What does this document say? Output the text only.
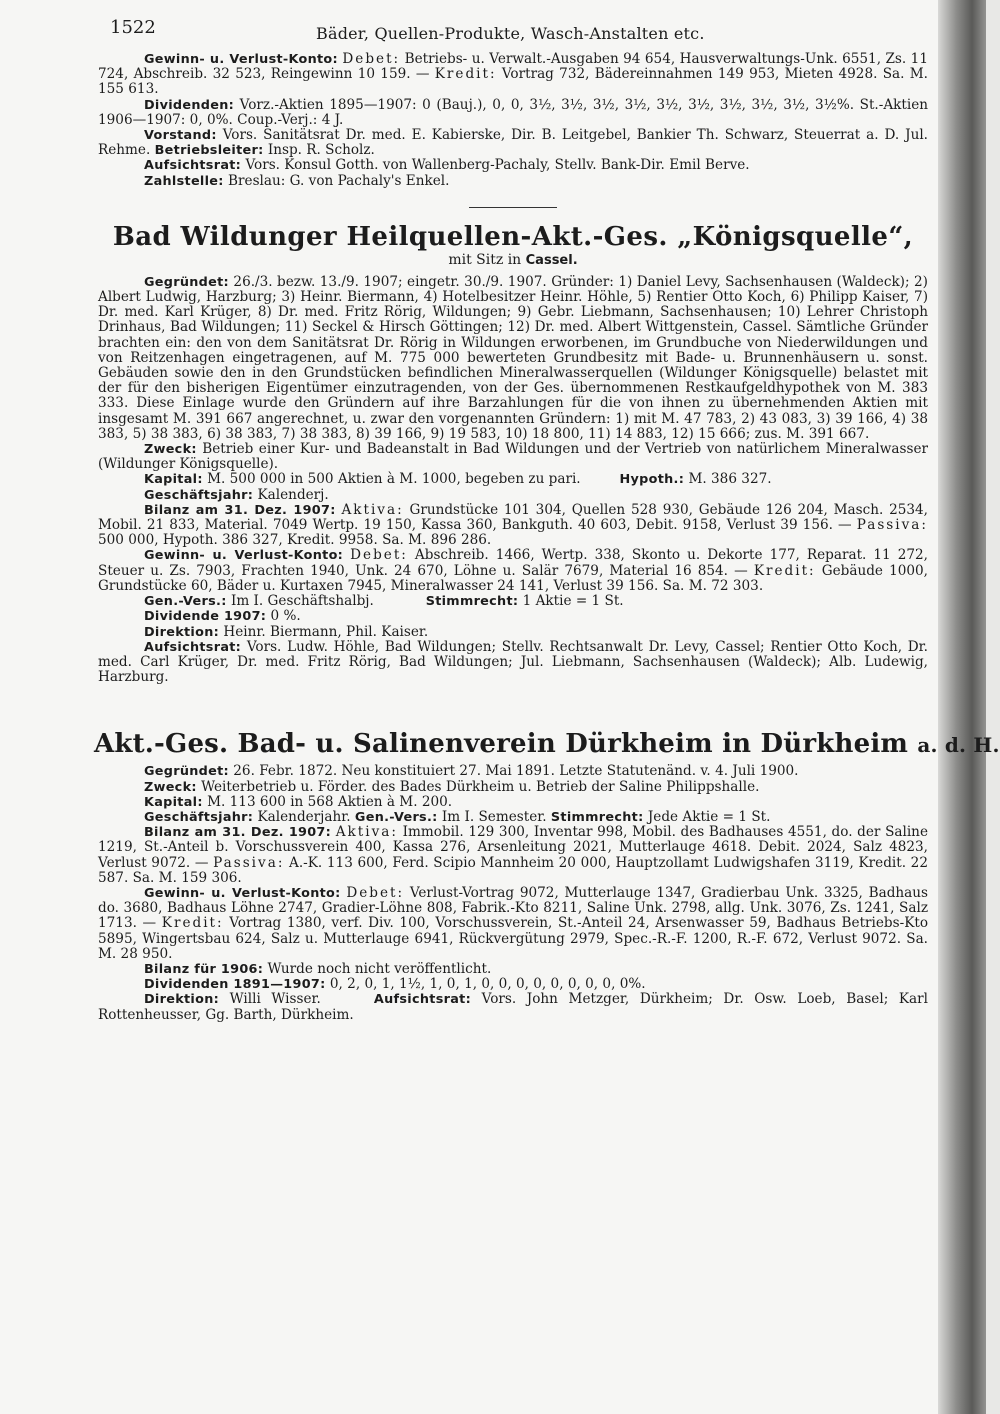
1522	Bäder, Quellen-Produkte, Wasch-Anstalten etc.

Gewinn- u. Verlust-Konto: Debet: Betriebs- u. Verwalt.-Ausgaben 94 654, Hausverwaltungs-Unk. 6551, Zs. 11 724, Abschreib. 32 523, Reingewinn 10 159. — Kredit: Vortrag 732, Bädereinnahmen 149 953, Mieten 4928. Sa. M. 155 613.

Dividenden: Vorz.-Aktien 1895—1907: 0 (Bauj.), 0, 0, 3½, 3½, 3½, 3½, 3½, 3½, 3½, 3½, 3½, 3½%. St.-Aktien 1906—1907: 0, 0%. Coup.-Verj.: 4 J.

Vorstand: Vors. Sanitätsrat Dr. med. E. Kabierske, Dir. B. Leitgebel, Bankier Th. Schwarz, Steuerrat a. D. Jul. Rehme. Betriebsleiter: Insp. R. Scholz.

Aufsichtsrat: Vors. Konsul Gotth. von Wallenberg-Pachaly, Stellv. Bank-Dir. Emil Berve.

Zahlstelle: Breslau: G. von Pachaly's Enkel.

Bad Wildunger Heilquellen-Akt.-Ges. „Königsquelle“,
mit Sitz in Cassel.

Gegründet: 26./3. bezw. 13./9. 1907; eingetr. 30./9. 1907. Gründer: 1) Daniel Levy, Sachsenhausen (Waldeck); 2) Albert Ludwig, Harzburg; 3) Heinr. Biermann, 4) Hotelbesitzer Heinr. Höhle, 5) Rentier Otto Koch, 6) Philipp Kaiser, 7) Dr. med. Karl Krüger, 8) Dr. med. Fritz Rörig, Wildungen; 9) Gebr. Liebmann, Sachsenhausen; 10) Lehrer Christoph Drinhaus, Bad Wildungen; 11) Seckel & Hirsch Göttingen; 12) Dr. med. Albert Wittgenstein, Cassel. Sämtliche Gründer brachten ein: den von dem Sanitätsrat Dr. Rörig in Wildungen erworbenen, im Grundbuche von Niederwildungen und von Reitzenhagen eingetragenen, auf M. 775 000 bewerteten Grundbesitz mit Bade- u. Brunnenhäusern u. sonst. Gebäuden sowie den in den Grundstücken befindlichen Mineralwasserquellen (Wildunger Königsquelle) belastet mit der für den bisherigen Eigentümer einzutragenden, von der Ges. übernommenen Restkaufgeldhypothek von M. 383 333. Diese Einlage wurde den Gründern auf ihre Barzahlungen für die von ihnen zu übernehmenden Aktien mit insgesamt M. 391 667 angerechnet, u. zwar den vorgenannten Gründern: 1) mit M. 47 783, 2) 43 083, 3) 39 166, 4) 38 383, 5) 38 383, 6) 38 383, 7) 38 383, 8) 39 166, 9) 19 583, 10) 18 800, 11) 14 883, 12) 15 666; zus. M. 391 667.

Zweck: Betrieb einer Kur- und Badeanstalt in Bad Wildungen und der Vertrieb von natürlichem Mineralwasser (Wildunger Königsquelle).

Kapital: M. 500 000 in 500 Aktien à M. 1000, begeben zu pari.	Hypoth.: M. 386 327.

Geschäftsjahr: Kalenderj.

Bilanz am 31. Dez. 1907: Aktiva: Grundstücke 101 304, Quellen 528 930, Gebäude 126 204, Masch. 2534, Mobil. 21 833, Material. 7049 Wertp. 19 150, Kassa 360, Bankguth. 40 603, Debit. 9158, Verlust 39 156. — Passiva: 500 000, Hypoth. 386 327, Kredit. 9958. Sa. M. 896 286.

Gewinn- u. Verlust-Konto: Debet: Abschreib. 1466, Wertp. 338, Skonto u. Dekorte 177, Reparat. 11 272, Steuer u. Zs. 7903, Frachten 1940, Unk. 24 670, Löhne u. Salär 7679, Material 16 854. — Kredit: Gebäude 1000, Grundstücke 60, Bäder u. Kurtaxen 7945, Mineralwasser 24 141, Verlust 39 156. Sa. M. 72 303.

Gen.-Vers.: Im I. Geschäftshalbj.	Stimmrecht: 1 Aktie = 1 St.

Dividende 1907: 0 %.

Direktion: Heinr. Biermann, Phil. Kaiser.

Aufsichtsrat: Vors. Ludw. Höhle, Bad Wildungen; Stellv. Rechtsanwalt Dr. Levy, Cassel; Rentier Otto Koch, Dr. med. Carl Krüger, Dr. med. Fritz Rörig, Bad Wildungen; Jul. Liebmann, Sachsenhausen (Waldeck); Alb. Ludewig, Harzburg.

Akt.-Ges. Bad- u. Salinenverein Dürkheim in Dürkheim a. d. H.

Gegründet: 26. Febr. 1872. Neu konstituiert 27. Mai 1891. Letzte Statutenänd. v. 4. Juli 1900.

Zweck: Weiterbetrieb u. Förder. des Bades Dürkheim u. Betrieb der Saline Philippshalle.

Kapital: M. 113 600 in 568 Aktien à M. 200.

Geschäftsjahr: Kalenderjahr. Gen.-Vers.: Im I. Semester. Stimmrecht: Jede Aktie = 1 St.

Bilanz am 31. Dez. 1907: Aktiva: Immobil. 129 300, Inventar 998, Mobil. des Badhauses 4551, do. der Saline 1219, St.-Anteil b. Vorschussverein 400, Kassa 276, Arsenleitung 2021, Mutterlauge 4618. Debit. 2024, Salz 4823, Verlust 9072. — Passiva: A.-K. 113 600, Ferd. Scipio Mannheim 20 000, Hauptzollamt Ludwigshafen 3119, Kredit. 22 587. Sa. M. 159 306.

Gewinn- u. Verlust-Konto: Debet: Verlust-Vortrag 9072, Mutterlauge 1347, Gradierbau Unk. 3325, Badhaus do. 3680, Badhaus Löhne 2747, Gradier-Löhne 808, Fabrik.-Kto 8211, Saline Unk. 2798, allg. Unk. 3076, Zs. 1241, Salz 1713. — Kredit: Vortrag 1380, verf. Div. 100, Vorschussverein, St.-Anteil 24, Arsenwasser 59, Badhaus Betriebs-Kto 5895, Wingertsbau 624, Salz u. Mutterlauge 6941, Rückvergütung 2979, Spec.-R.-F. 1200, R.-F. 672, Verlust 9072. Sa. M. 28 950.

Bilanz für 1906: Wurde noch nicht veröffentlicht.

Dividenden 1891—1907: 0, 2, 0, 1, 1½, 1, 0, 1, 0, 0, 0, 0, 0, 0, 0, 0, 0%.

Direktion: Willi Wisser.	Aufsichtsrat: Vors. John Metzger, Dürkheim; Dr. Osw. Loeb, Basel; Karl Rottenheusser, Gg. Barth, Dürkheim.
